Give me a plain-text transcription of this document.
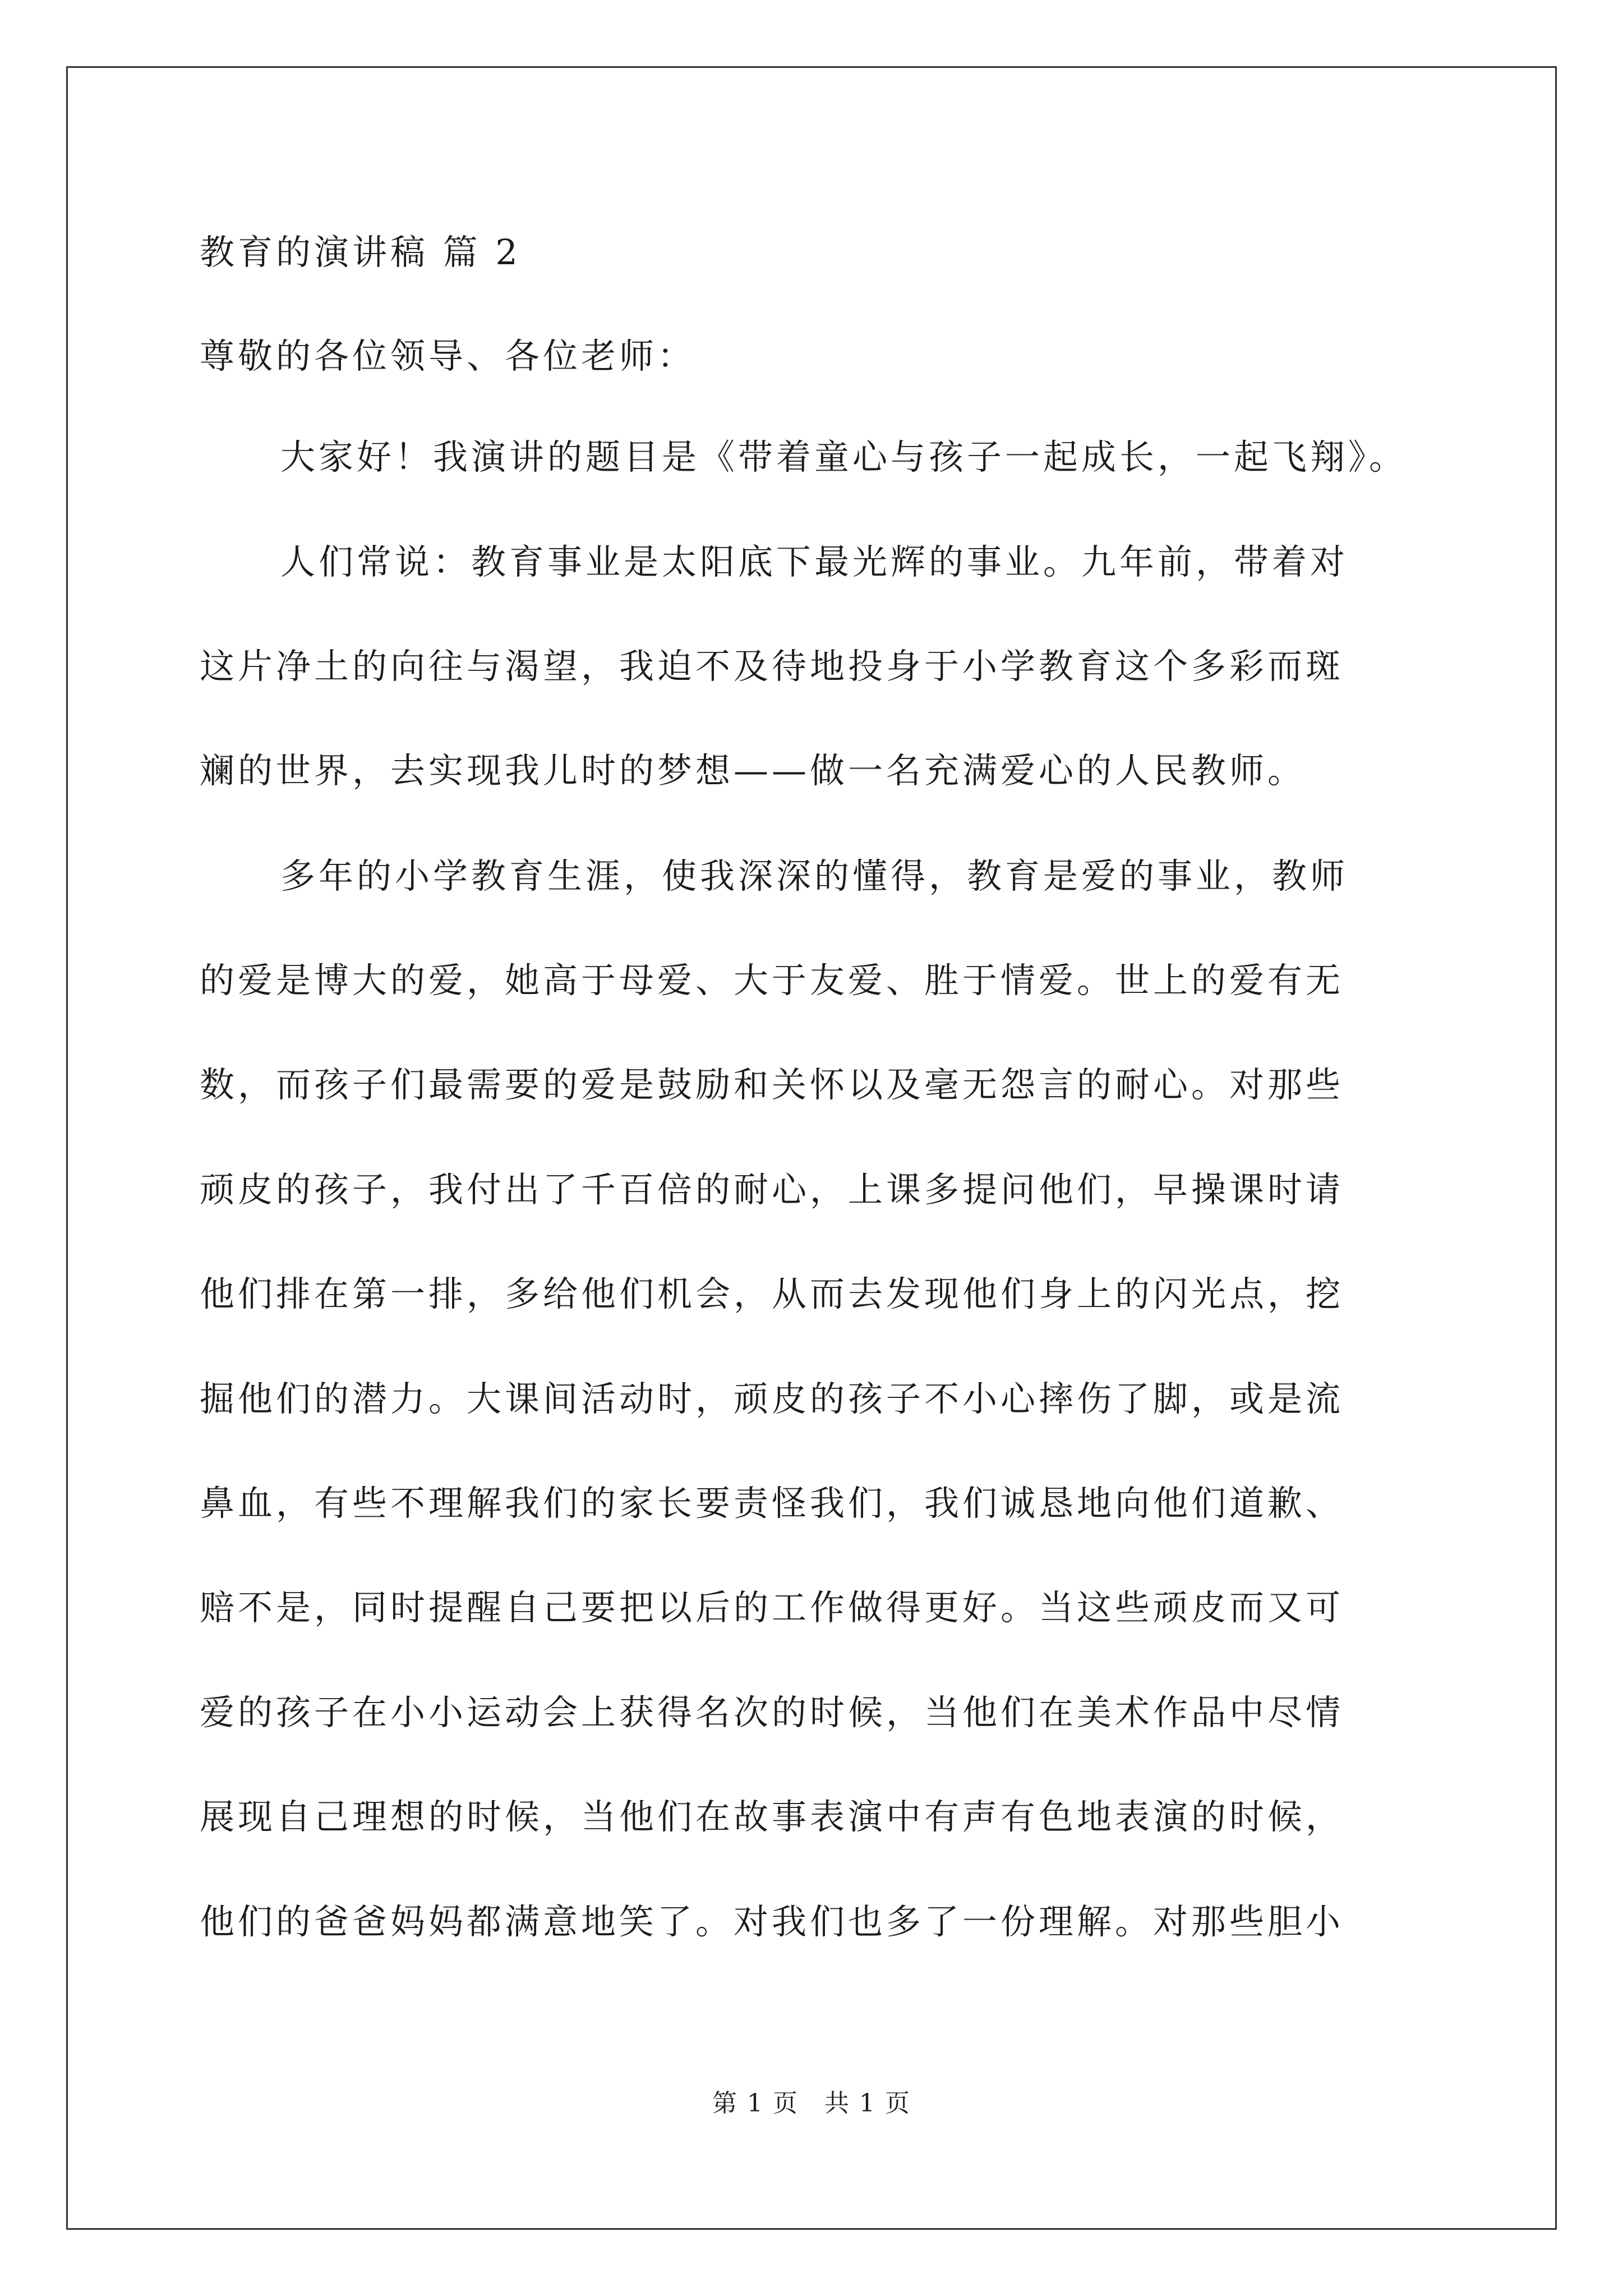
教育的演讲稿 篇 2
尊敬的各位领导、各位老师：
大家好！我演讲的题目是《带着童心与孩子一起成长，一起飞翔》。
人们常说：教育事业是太阳底下最光辉的事业。九年前，带着对
这片净土的向往与渴望，我迫不及待地投身于小学教育这个多彩而斑
斓的世界，去实现我儿时的梦想——做一名充满爱心的人民教师。
多年的小学教育生涯，使我深深的懂得，教育是爱的事业，教师
的爱是博大的爱，她高于母爱、大于友爱、胜于情爱。世上的爱有无
数，而孩子们最需要的爱是鼓励和关怀以及毫无怨言的耐心。对那些
顽皮的孩子，我付出了千百倍的耐心，上课多提问他们，早操课时请
他们排在第一排，多给他们机会，从而去发现他们身上的闪光点，挖
掘他们的潜力。大课间活动时，顽皮的孩子不小心摔伤了脚，或是流
鼻血，有些不理解我们的家长要责怪我们，我们诚恳地向他们道歉、
赔不是，同时提醒自己要把以后的工作做得更好。当这些顽皮而又可
爱的孩子在小小运动会上获得名次的时候，当他们在美术作品中尽情
展现自己理想的时候，当他们在故事表演中有声有色地表演的时候，
他们的爸爸妈妈都满意地笑了。对我们也多了一份理解。对那些胆小
第 1 页　共 1 页
